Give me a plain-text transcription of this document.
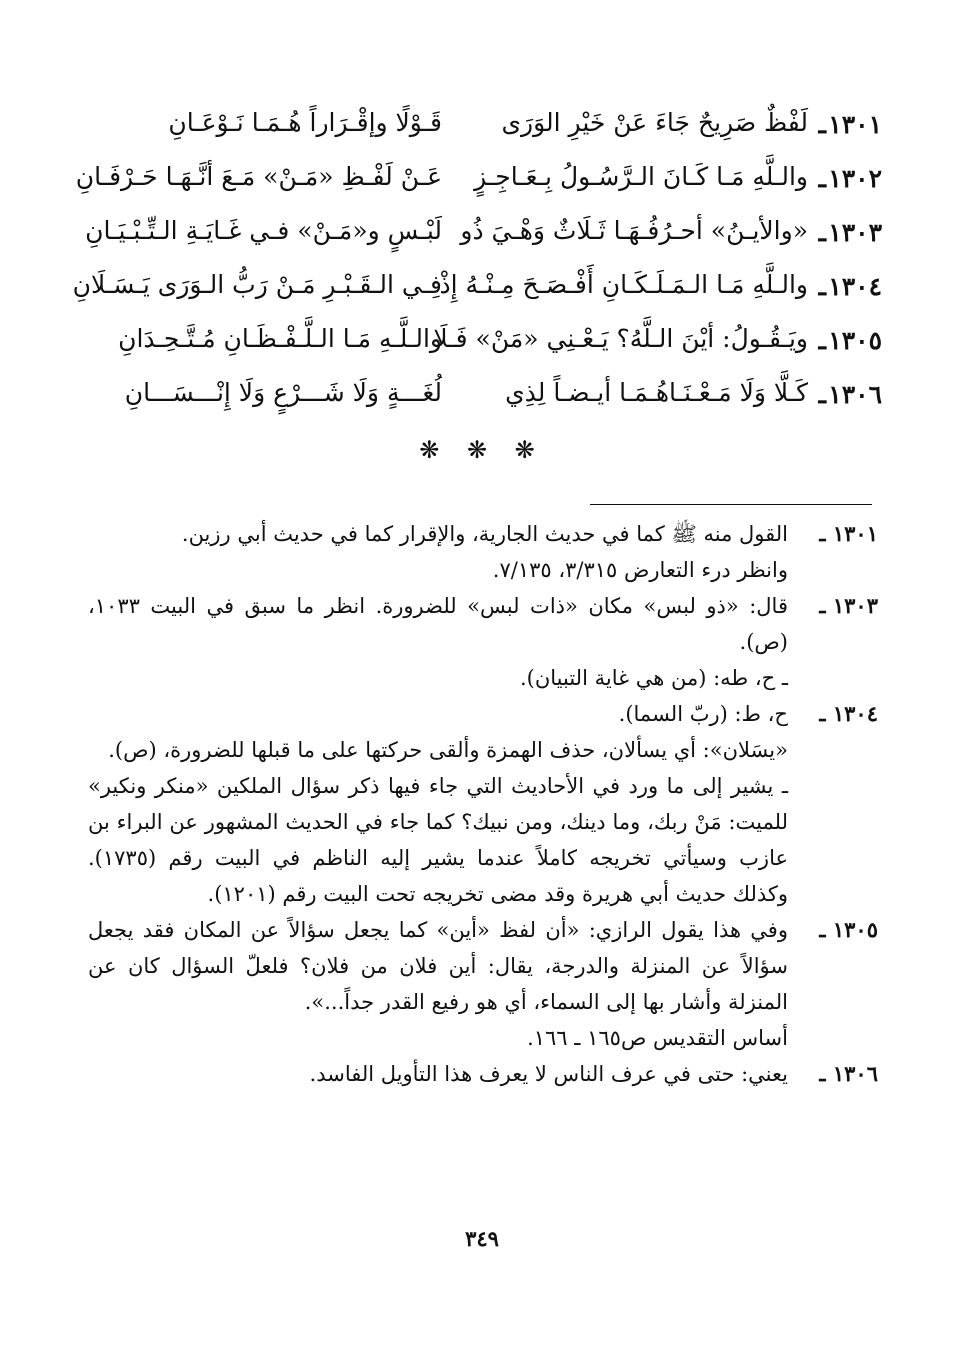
١٣٠١
ـ
لَفْظٌ صَرِيحٌ جَاءَ عَنْ خَيْرِ الوَرَى
قَـوْلًا وإقْـرَاراً هُـمَـا نَـوْعَـانِ
١٣٠٢
ـ
والـلَّهِ مَـا كَـانَ الـرَّسُـولُ بِـعَـاجِـزٍ
عَـنْ لَفْـظِ «مَـنْ» مَـعَ أنَّـهَـا حَـرْفَـانِ
١٣٠٣
ـ
«والأيـنُ» أحـرُفُـهَـا ثَـلَاثٌ وَهْـيَ ذُو
لَبْـسٍ و«مَـنْ» فـي غَـايَـةِ الـتِّـبْـيَـانِ
١٣٠٤
ـ
والـلَّهِ مَـا الـمَـلَـكَـانِ أَفْـصَـحَ مِـنْـهُ إِذْ
فِـي الـقَـبْـرِ مَـنْ رَبُّ الـوَرَى يَـسَـلَانِ
١٣٠٥
ـ
ويَـقُـولُ: أيْنَ الـلَّهُ؟ يَـعْـنِي «مَنْ» فَـلَا
والـلَّـهِ مَـا الـلَّـفْـظَـانِ مُـتَّـحِـدَانِ
١٣٠٦
ـ
كَـلَّا وَلَا مَـعْـنَـاهُـمَـا أيـضـاً لِذِي
لُغَـــةٍ وَلَا شَـــرْعٍ وَلَا إِنْـــسَـــانِ
❋ ❋ ❋
١٣٠١ ـ
القول منه ﷺ كما في حديث الجارية، والإقرار كما في حديث أبي رزين.
وانظر درء التعارض ٣/٣١٥، ٧/١٣٥.
١٣٠٣ ـ
قال: «ذو لبس» مكان «ذات لبس» للضرورة. انظر ما سبق في البيت ١٠٣٣، (ص).
ـ ح، طه: (من هي غاية التبيان).
١٣٠٤ ـ
ح، ط: (ربّ السما).
«يسَلان»: أي يسألان، حذف الهمزة وألقى حركتها على ما قبلها للضرورة، (ص).
ـ يشير إلى ما ورد في الأحاديث التي جاء فيها ذكر سؤال الملكين «منكر ونكير» للميت: مَنْ ربك، وما دينك، ومن نبيك؟ كما جاء في الحديث المشهور عن البراء بن عازب وسيأتي تخريجه كاملاً عندما يشير إليه الناظم في البيت رقم (١٧٣٥). وكذلك حديث أبي هريرة وقد مضى تخريجه تحت البيت رقم (١٢٠١).
١٣٠٥ ـ
وفي هذا يقول الرازي: «أن لفظ «أين» كما يجعل سؤالاً عن المكان فقد يجعل سؤالاً عن المنزلة والدرجة، يقال: أين فلان من فلان؟ فلعلّ السؤال كان عن المنزلة وأشار بها إلى السماء، أي هو رفيع القدر جداً...».
أساس التقديس ص١٦٥ ـ ١٦٦.
١٣٠٦ ـ
يعني: حتى في عرف الناس لا يعرف هذا التأويل الفاسد.
٣٤٩
